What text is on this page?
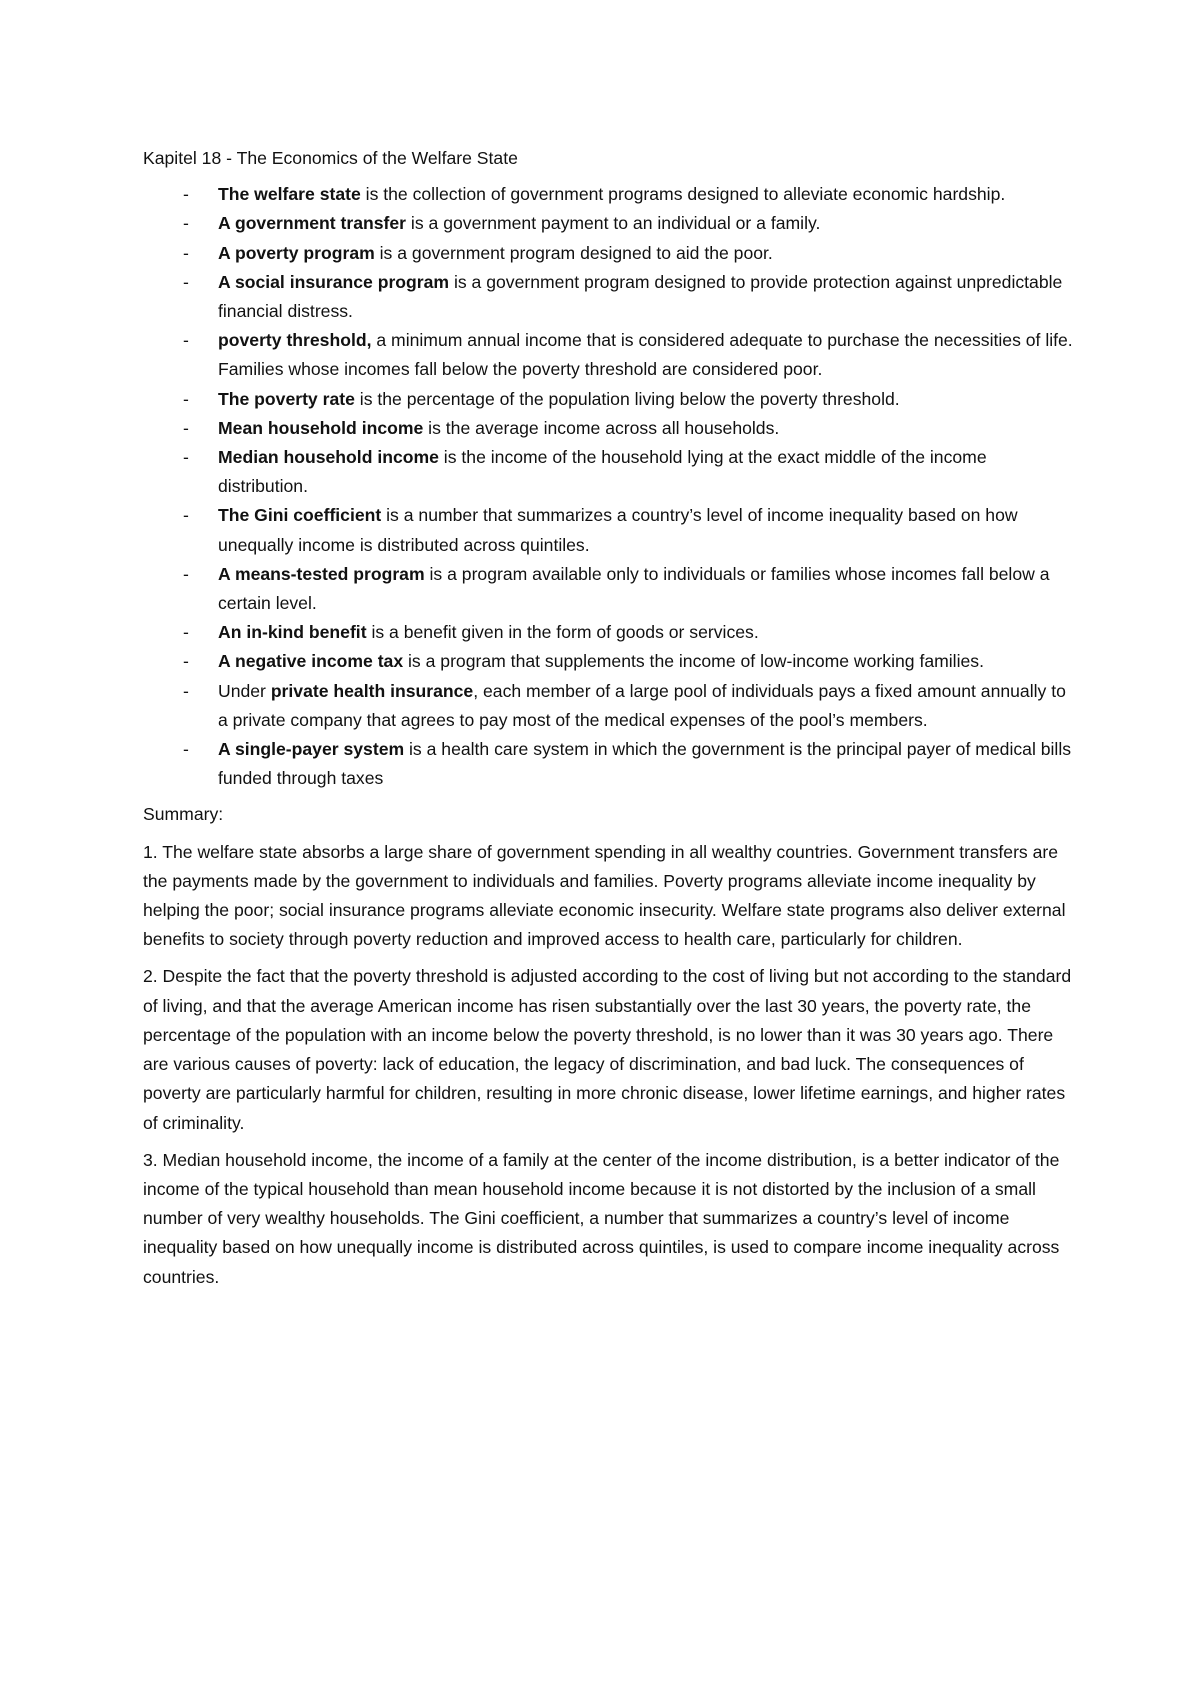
Kapitel 18 - The Economics of the Welfare State

- The welfare state is the collection of government programs designed to alleviate economic hardship.
- A government transfer is a government payment to an individual or a family.
- A poverty program is a government program designed to aid the poor.
- A social insurance program is a government program designed to provide protection against unpredictable financial distress.
- poverty threshold, a minimum annual income that is considered adequate to purchase the necessities of life. Families whose incomes fall below the poverty threshold are considered poor.
- The poverty rate is the percentage of the population living below the poverty threshold.
- Mean household income is the average income across all households.
- Median household income is the income of the household lying at the exact middle of the income distribution.
- The Gini coefficient is a number that summarizes a country’s level of income inequality based on how unequally income is distributed across quintiles.
- A means-tested program is a program available only to individuals or families whose incomes fall below a certain level.
- An in-kind benefit is a benefit given in the form of goods or services.
- A negative income tax is a program that supplements the income of low-income working families.
- Under private health insurance, each member of a large pool of individuals pays a fixed amount annually to a private company that agrees to pay most of the medical expenses of the pool’s members.
- A single-payer system is a health care system in which the government is the principal payer of medical bills funded through taxes

Summary:

1. The welfare state absorbs a large share of government spending in all wealthy countries. Government transfers are the payments made by the government to individuals and families. Poverty programs alleviate income inequality by helping the poor; social insurance programs alleviate economic insecurity. Welfare state programs also deliver external benefits to society through poverty reduction and improved access to health care, particularly for children.

2. Despite the fact that the poverty threshold is adjusted according to the cost of living but not according to the standard of living, and that the average American income has risen substantially over the last 30 years, the poverty rate, the percentage of the population with an income below the poverty threshold, is no lower than it was 30 years ago. There are various causes of poverty: lack of education, the legacy of discrimination, and bad luck. The consequences of poverty are particularly harmful for children, resulting in more chronic disease, lower lifetime earnings, and higher rates of criminality.

3. Median household income, the income of a family at the center of the income distribution, is a better indicator of the income of the typical household than mean household income because it is not distorted by the inclusion of a small number of very wealthy households. The Gini coefficient, a number that summarizes a country’s level of income inequality based on how unequally income is distributed across quintiles, is used to compare income inequality across countries.
